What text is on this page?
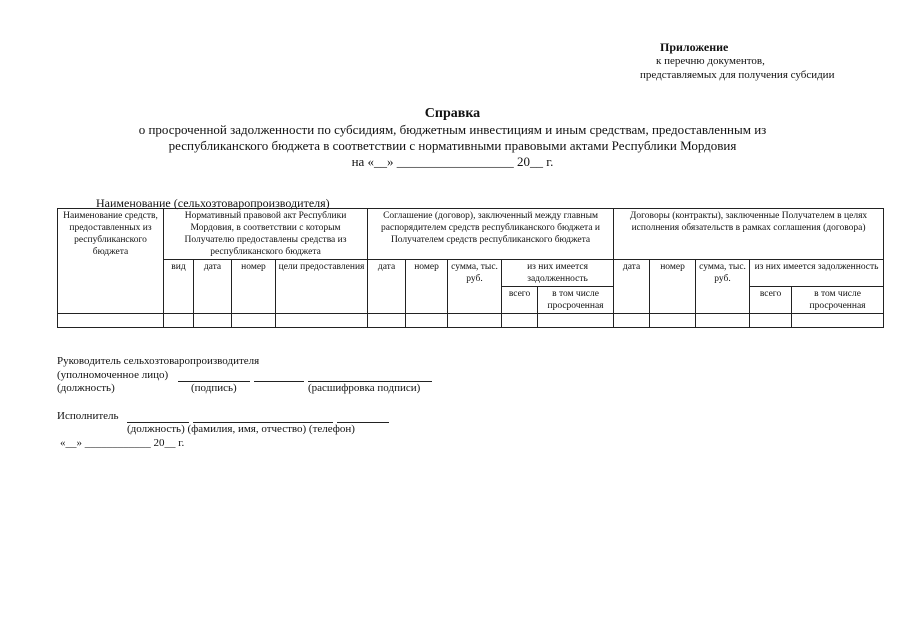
Приложение
к перечню документов,
представляемых для получения субсидии
Справка
о просроченной задолженности по субсидиям, бюджетным инвестициям и иным средствам, предоставленным из
республиканского бюджета в соответствии с нормативными правовыми актами Республики Мордовия
на «__» __________________ 20__ г.
Наименование (сельхозтоваропроизводителя)
Наименование средств, предоставленных из республиканского бюджета	Нормативный правовой акт Республики Мордовия, в соответствии с которым Получателю предоставлены средства из республиканского бюджета				Соглашение (договор), заключенный между главным распорядителем средств республиканского бюджета и Получателем средств республиканского бюджета					Договоры (контракты), заключенные Получателем в целях исполнения обязательств в рамках соглашения (договора)				
	вид	дата	номер	цели предоставления	дата	номер	сумма, тыс. руб.	из них имеется задолженность		дата	номер	сумма, тыс. руб.	из них имеется задолженность	
								всего	в том числе просроченная				всего	в том числе просроченная

Руководитель сельхозтоваропроизводителя
(уполномоченное лицо)
(должность)	(подпись)	(расшифровка подписи)
Исполнитель
(должность) (фамилия, имя, отчество) (телефон)
«__» ____________ 20__ г.
